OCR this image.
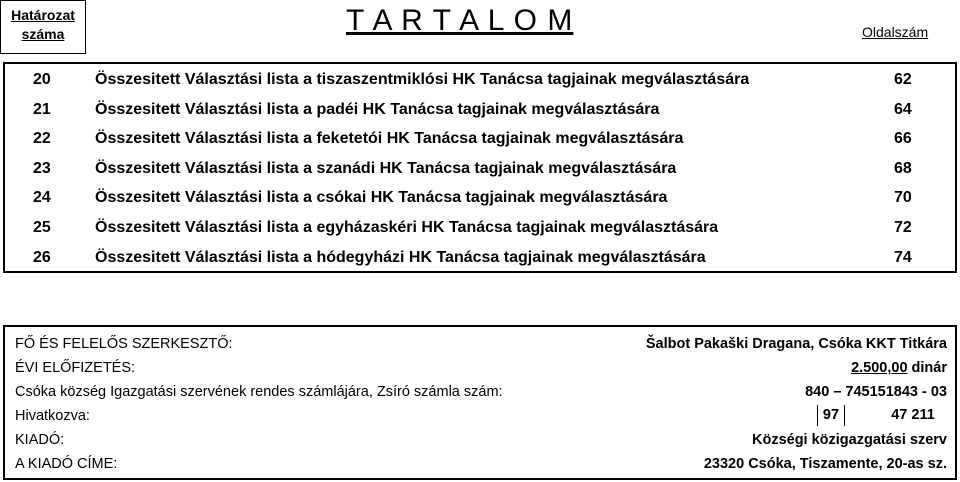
Határozat
száma	T A R T A L O M	Oldalszám
20	Összesitett Választási lista a tiszaszentmiklósi HK Tanácsa tagjainak megválasztására	62
21	Összesitett Választási lista a padéi HK Tanácsa tagjainak megválasztására	64
22	Összesitett Választási lista a feketetói HK Tanácsa tagjainak megválasztására	66
23	Összesitett Választási lista a szanádi HK Tanácsa tagjainak megválasztására	68
24	Összesitett Választási lista a csókai HK Tanácsa tagjainak megválasztására	70
25	Összesitett Választási lista a egyházaskéri HK Tanácsa tagjainak megválasztására	72
26	Összesitett Választási lista a hódegyházi HK Tanácsa tagjainak megválasztására	74
FŐ ÉS FELELŐS SZERKESZTŐ:	Šalbot Pakaški Dragana, Csóka KKT Titkára
ÉVI ELŐFIZETÉS:	2.500,00 dinár
Csóka község Igazgatási szervének rendes számlájára, Zsíró számla szám:	840 – 745151843 - 03
Hivatkozva:	97	47 211
KIADÓ:	Községi közigazgatási szerv
A KIADÓ CÍME:	23320 Csóka, Tiszamente, 20-as sz.
